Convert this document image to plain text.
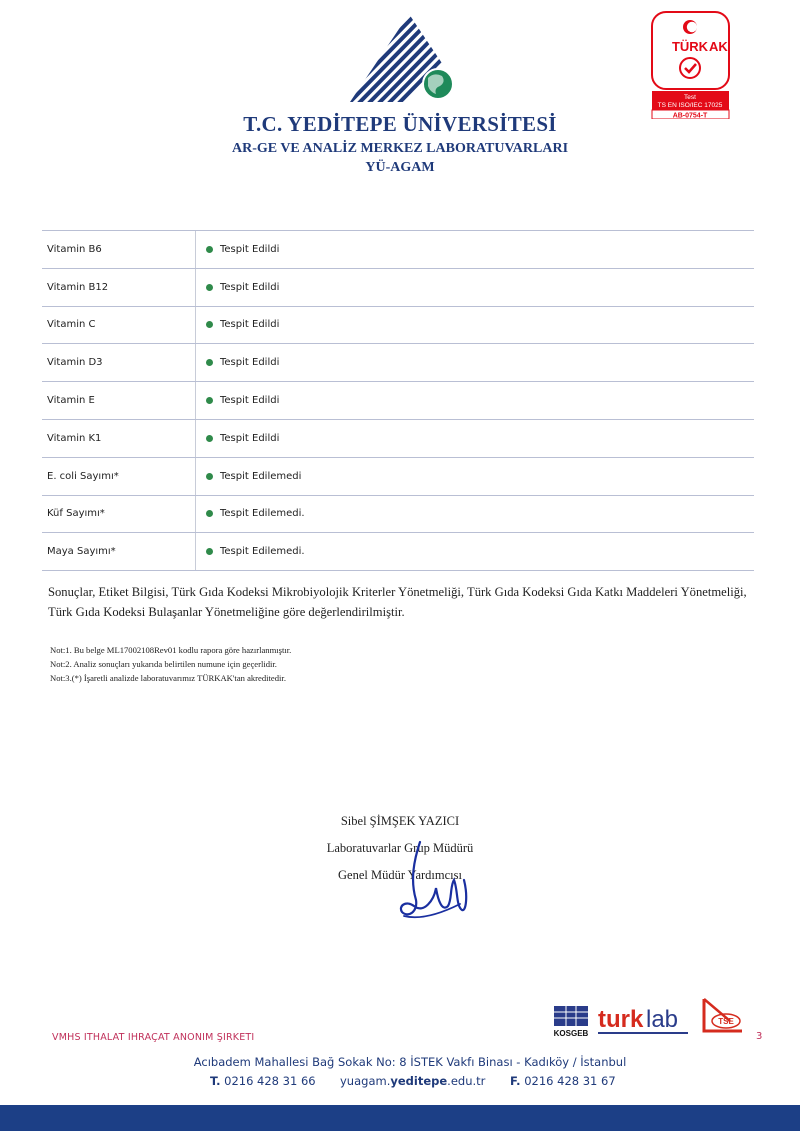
T.C. YEDİTEPE ÜNİVERSİTESİ
AR-GE VE ANALİZ MERKEZ LABORATUVARLARI
YÜ-AGAM
TÜRK AK
Test
TS EN ISO/IEC 17025
AB-0754-T
Vitamin B6	Tespit Edildi
Vitamin B12	Tespit Edildi
Vitamin C	Tespit Edildi
Vitamin D3	Tespit Edildi
Vitamin E	Tespit Edildi
Vitamin K1	Tespit Edildi
E. coli Sayımı*	Tespit Edilemedi
Küf Sayımı*	Tespit Edilemedi.
Maya Sayımı*	Tespit Edilemedi.
Sonuçlar, Etiket Bilgisi, Türk Gıda Kodeksi Mikrobiyolojik Kriterler Yönetmeliği, Türk Gıda Kodeksi Gıda Katkı Maddeleri Yönetmeliği, Türk Gıda Kodeksi Bulaşanlar Yönetmeliğine göre değerlendirilmiştir.

Not:1. Bu belge ML17002108Rev01 kodlu rapora göre hazırlanmıştır.

Not:2. Analiz sonuçları yukarıda belirtilen numune için geçerlidir.

Not:3.(*) İşaretli analizde laboratuvarımız TÜRKAK'tan akreditedir.

Sibel ŞİMŞEK YAZICI
Laboratuvarlar Grup Müdürü
Genel Müdür Yardımcısı
VMHS ITHALAT IHRAÇAT ANONIM ŞIRKETI	3
KOSGEB
turk lab	TSE
Acıbadem Mahallesi Bağ Sokak No: 8 İSTEK Vakfı Binası - Kadıköy / İstanbul
T. 0216 428 31 66 yuagam.yeditepe.edu.tr F. 0216 428 31 67
